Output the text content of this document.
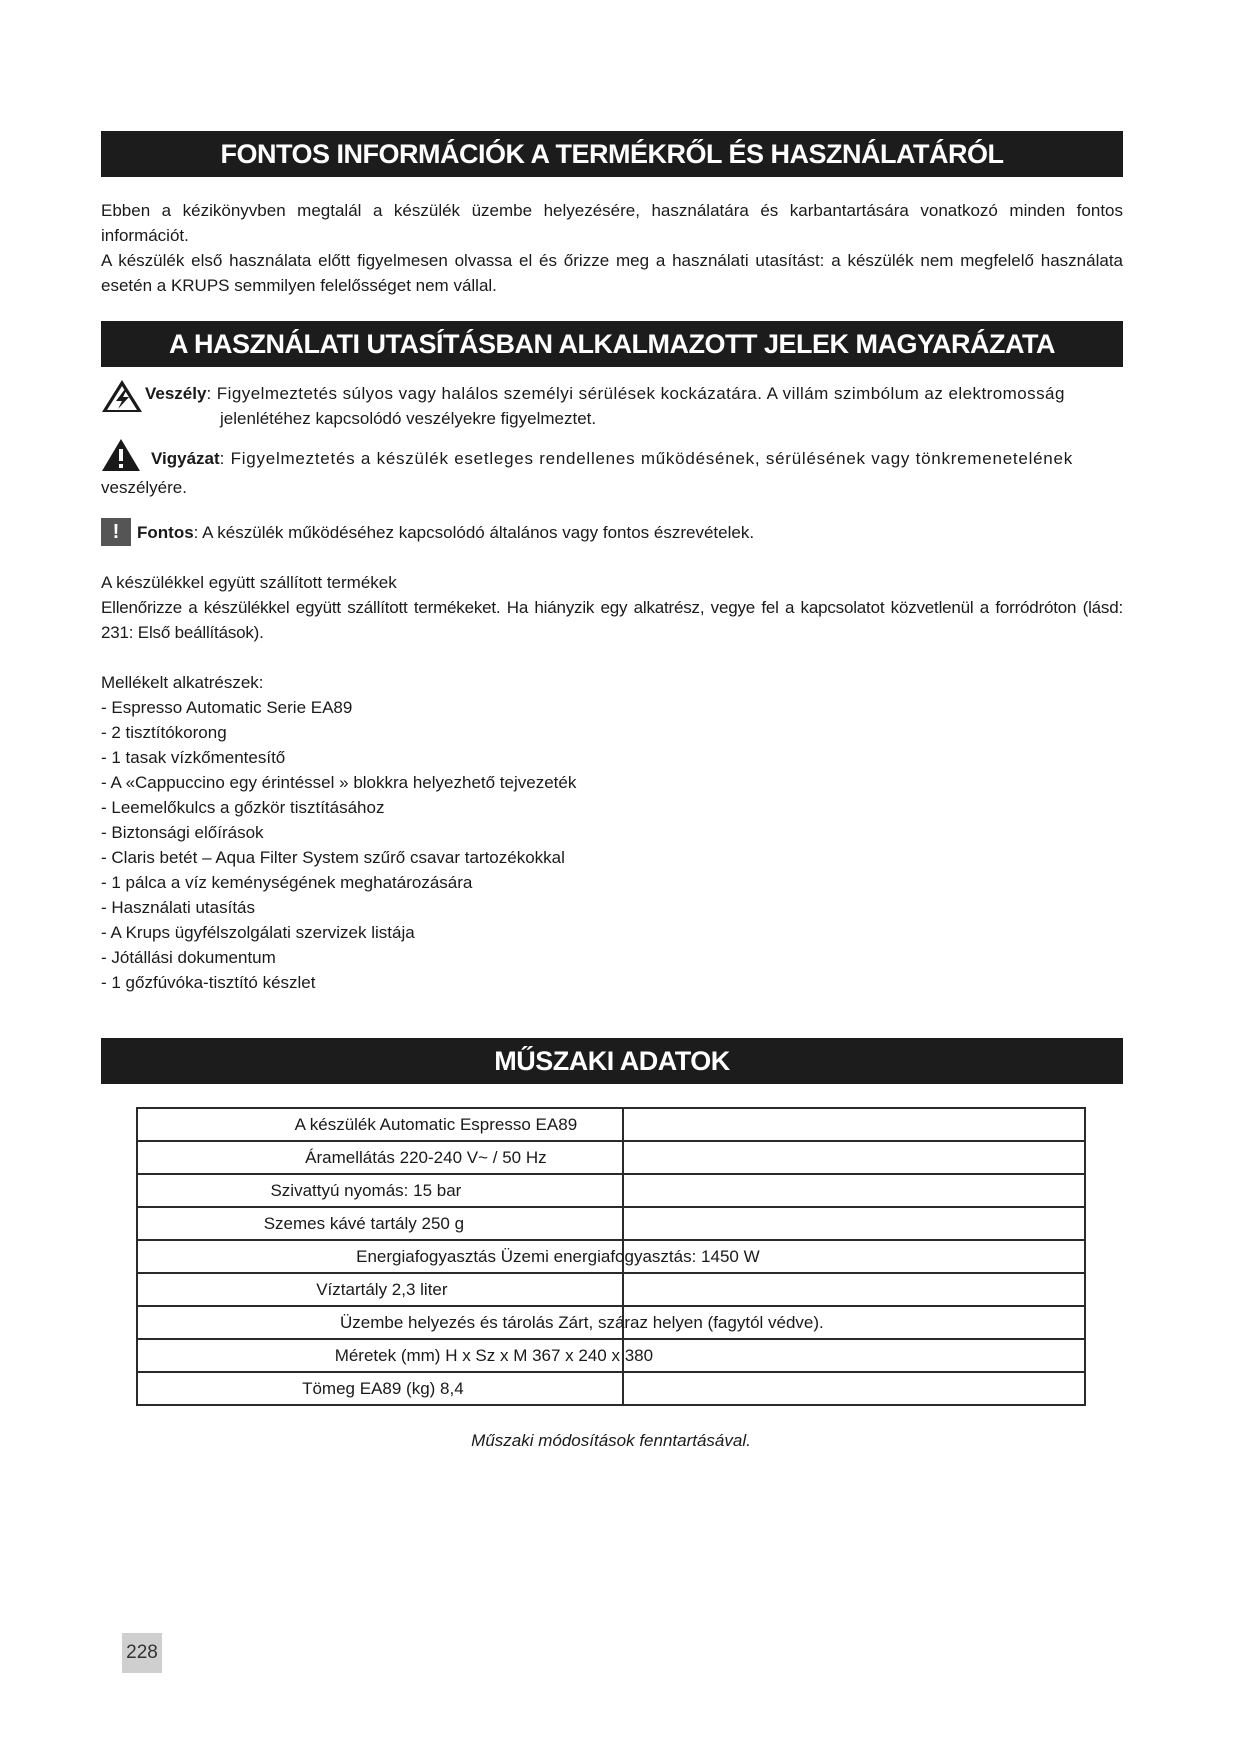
FONTOS INFORMÁCIÓK A TERMÉKRŐL ÉS HASZNÁLATÁRÓL

Ebben a kézikönyvben megtalál a készülék üzembe helyezésére, használatára és karbantartására vonatkozó minden fontos információt.

A készülék első használata előtt figyelmesen olvassa el és őrizze meg a használati utasítást: a készülék nem megfelelő használata esetén a KRUPS semmilyen felelősséget nem vállal.

A HASZNÁLATI UTASÍTÁSBAN ALKALMAZOTT JELEK MAGYARÁZATA
Veszély: Figyelmeztetés súlyos vagy halálos személyi sérülések kockázatára. A villám szimbólum az elektromosság
jelenlétéhez kapcsolódó veszélyekre figyelmeztet.
Vigyázat: Figyelmeztetés a készülék esetleges rendellenes működésének, sérülésének vagy tönkremenetelének
veszélyére.
!	Fontos: A készülék működéséhez kapcsolódó általános vagy fontos észrevételek.
A készülékkel együtt szállított termékek

Ellenőrizze a készülékkel együtt szállított termékeket. Ha hiányzik egy alkatrész, vegye fel a kapcsolatot közvetlenül a forródróton (lásd: 231: Első beállítások).

Mellékelt alkatrészek:
- Espresso Automatic Serie EA89
- 2 tisztítókorong
- 1 tasak vízkőmentesítő
- A «Cappuccino egy érintéssel » blokkra helyezhető tejvezeték
- Leemelőkulcs a gőzkör tisztításához
- Biztonsági előírások
- Claris betét – Aqua Filter System szűrő csavar tartozékokkal
- 1 pálca a víz keménységének meghatározására
- Használati utasítás
- A Krups ügyfélszolgálati szervizek listája
- Jótállási dokumentum
- 1 gőzfúvóka-tisztító készlet
MŰSZAKI ADATOK
A készülék Automatic Espresso EA89	
Áramellátás 220-240 V~ / 50 Hz	
Szivattyú nyomás: 15 bar	
Szemes kávé tartály 250 g	
Energiafogyasztás Üzemi energiafogyasztás: 1450 W	
Víztartály 2,3 liter	
Üzembe helyezés és tárolás Zárt, száraz helyen (fagytól védve).	
Méretek (mm) H x Sz x M 367 x 240 x 380	
Tömeg EA89 (kg) 8,4	
Műszaki módosítások fenntartásával.
228
